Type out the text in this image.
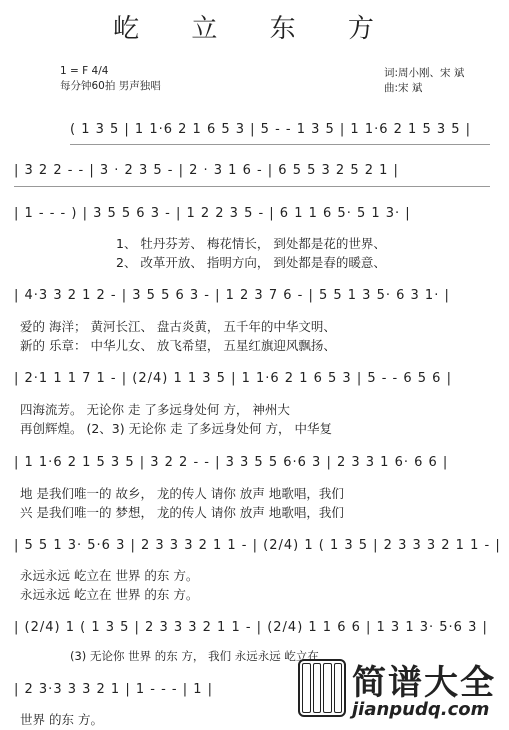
屹 立 东 方
1 = F 4/4
每分钟60拍 男声独唱
词:周小刚、宋 斌
曲:宋 斌
( 1 3 5 | 1 1·6 2 1 6 5 3 | 5 - - 1 3 5 | 1 1·6 2 1 5 3 5 |
| 3 2 2 - - | 3 · 2 3 5 - | 2 · 3 1 6 - | 6 5 5 3 2 5 2 1 |
| 1 - - - ) | 3 5 5 6 3 - | 1 2 2 3 5 - | 6 1 1 6 5· 5 1 3· |
1、 牡丹芬芳、 梅花情长， 到处都是花的世界、
2、 改革开放、 指明方向， 到处都是春的暖意、
| 4·3 3 2 1 2 - | 3 5 5 6 3 - | 1 2 3 7 6 - | 5 5 1 3 5· 6 3 1· |
爱的 海洋； 黄河长江、 盘古炎黄， 五千年的中华文明、
新的 乐章： 中华儿女、 放飞希望， 五星红旗迎风飘扬、
| 2·1 1 1 7 1 - | (2/4) 1 1 3 5 | 1 1·6 2 1 6 5 3 | 5 - - 6 5 6 |
四海流芳。 无论你 走 了多远身处何 方， 神州大
再创辉煌。 (2、3) 无论你 走 了多远身处何 方， 中华复
| 1 1·6 2 1 5 3 5 | 3 2 2 - - | 3 3 5 5 6·6 3 | 2 3 3 1 6· 6 6 |
地 是我们唯一的 故乡， 龙的传人 请你 放声 地歌唱，我们
兴 是我们唯一的 梦想， 龙的传人 请你 放声 地歌唱，我们
| 5 5 1 3· 5·6 3 | 2 3 3 3 2 1 1 - | (2/4) 1 ( 1 3 5 | 2 3 3 3 2 1 1 - |
永远永远 屹立在 世界 的东 方。
永远永远 屹立在 世界 的东 方。
| (2/4) 1 ( 1 3 5 | 2 3 3 3 2 1 1 - | (2/4) 1 1 6 6 | 1 3 1 3· 5·6 3 |
(3) 无论你 世界 的东 方， 我们 永远永远 屹立在
| 2 3·3 3 3 2 1 | 1 - - - | 1 |
世界 的东 方。
简谱大全
jianpudq.com
